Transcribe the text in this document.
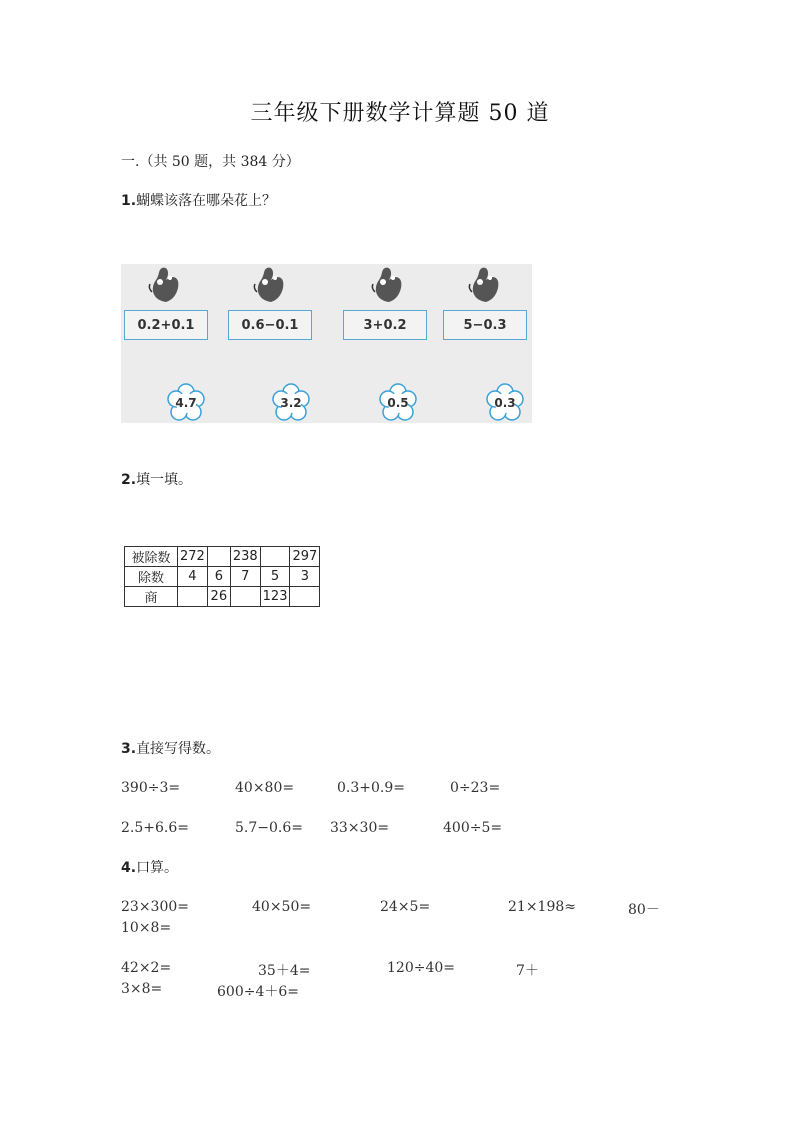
三年级下册数学计算题 50 道
一.（共 50 题，共 384 分）
1.蝴蝶该落在哪朵花上？
0.2+0.1	0.6−0.1	3+0.2	5−0.3
4.7	3.2	0.5	0.3
2.填一填。
被除数	272		238		297
除数	4	6	7	5	3
商		26		123	
3.直接写得数。
390÷3=	40×80=	0.3+0.9=	0÷23=
2.5+6.6=	5.7−0.6= 33×30=	400÷5=
4.口算。
23×300=	40×50=	24×5=	21×198≈	80－
10×8=
42×2=	35＋4=	120÷40=	7＋
3×8=	600÷4＋6=
